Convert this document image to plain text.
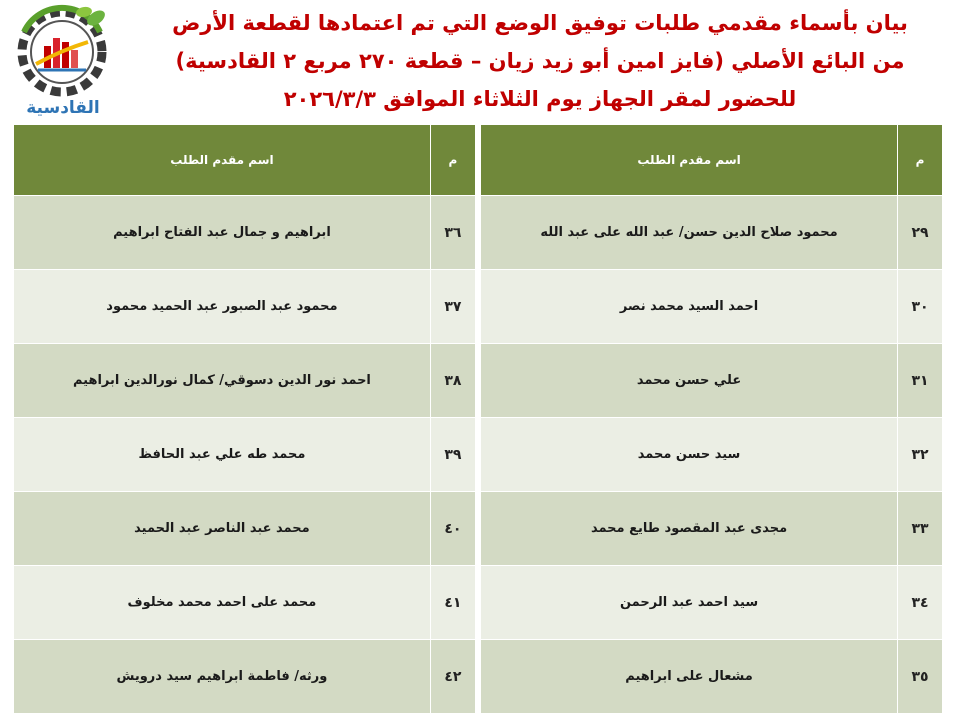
القادسية
بيان بأسماء مقدمي طلبات توفيق الوضع التي تم اعتمادها لقطعة الأرض
من البائع الأصلي (فايز امين أبو زيد زيان – قطعة ٢٧٠ مربع ٢ القادسية)
للحضور لمقر الجهاز يوم الثلاثاء الموافق ٢٠٢٦/٣/٣
م	اسم مقدم الطلب		م	اسم مقدم الطلب
٢٩	محمود صلاح الدين حسن/ عبد الله على عبد الله		٣٦	ابراهيم و جمال عبد الفتاح ابراهيم
٣٠	احمد السيد محمد نصر		٣٧	محمود عبد الصبور عبد الحميد محمود
٣١	علي حسن محمد		٣٨	احمد نور الدين دسوقي/ كمال نورالدين ابراهيم
٣٢	سيد حسن محمد		٣٩	محمد طه علي عبد الحافظ
٣٣	مجدى عبد المقصود طايع محمد		٤٠	محمد عبد الناصر عبد الحميد
٣٤	سيد احمد عبد الرحمن		٤١	محمد على احمد محمد مخلوف
٣٥	مشعال على ابراهيم		٤٢	ورثه/ فاطمة ابراهيم سيد درويش
